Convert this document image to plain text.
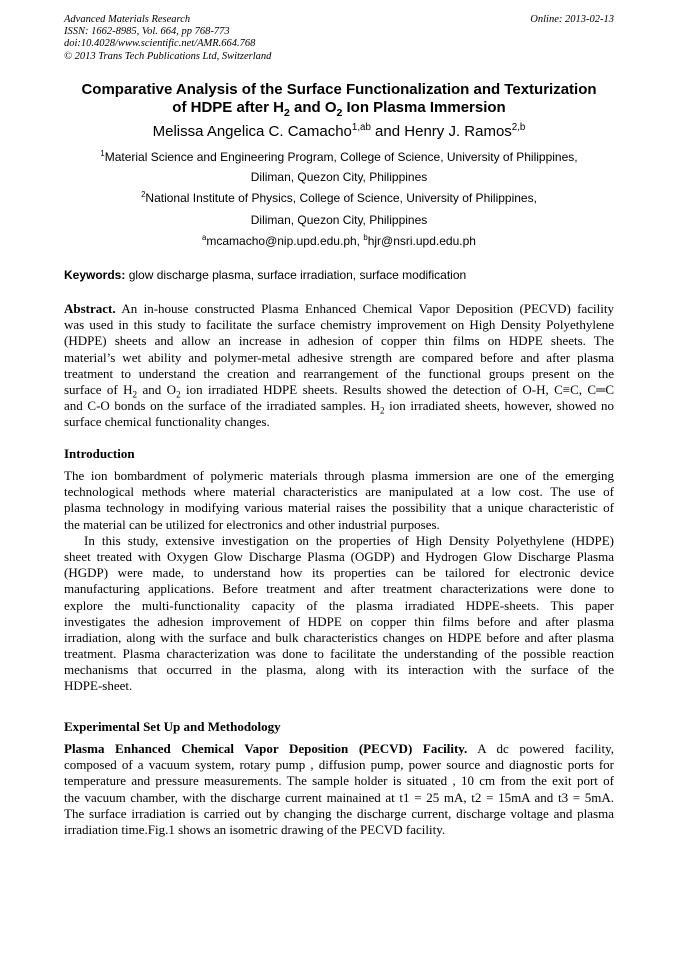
Advanced Materials Research
ISSN: 1662-8985, Vol. 664, pp 768-773
doi:10.4028/www.scientific.net/AMR.664.768
© 2013 Trans Tech Publications Ltd, Switzerland
Online: 2013-02-13
Comparative Analysis of the Surface Functionalization and Texturization
of HDPE after $H_2$ and $O_2$ Ion Plasma Immersion
Melissa Angelica C. Camacho$^{1,ab}$ and Henry J. Ramos$^{2,b}$
$^1$Material Science and Engineering Program, College of Science, University of Philippines,
Diliman, Quezon City, Philippines
$^2$National Institute of Physics, College of Science, University of Philippines,
Diliman, Quezon City, Philippines
$^a$mcamacho@nip.upd.edu.ph, $^b$hjr@nsri.upd.edu.ph
Keywords: glow discharge plasma, surface irradiation, surface modification
Abstract. An in-house constructed Plasma Enhanced Chemical Vapor Deposition (PECVD) facility
was used in this study to facilitate the surface chemistry improvement on High Density Polyethylene
(HDPE) sheets and allow an increase in adhesion of copper thin films on HDPE sheets. The
material’s wet ability and polymer-metal adhesive strength are compared before and after plasma
treatment to understand the creation and rearrangement of the functional groups present on the
surface of $H_2$ and $O_2$ ion irradiated HDPE sheets. Results showed the detection of O-H, C≡C, C═C
and C-O bonds on the surface of the irradiated samples. $H_2$ ion irradiated sheets, however, showed no
surface chemical functionality changes.
Introduction
The ion bombardment of polymeric materials through plasma immersion are one of the emerging
technological methods where material characteristics are manipulated at a low cost. The use of
plasma technology in modifying various material raises the possibility that a unique characteristic of
the material can be utilized for electronics and other industrial purposes.
In this study, extensive investigation on the properties of High Density Polyethylene (HDPE)
sheet treated with Oxygen Glow Discharge Plasma (OGDP) and Hydrogen Glow Discharge Plasma
(HGDP) were made, to understand how its properties can be tailored for electronic device
manufacturing applications. Before treatment and after treatment characterizations were done to
explore the multi-functionality capacity of the plasma irradiated HDPE-sheets. This paper
investigates the adhesion improvement of HDPE on copper thin films before and after plasma
irradiation, along with the surface and bulk characteristics changes on HDPE before and after plasma
treatment. Plasma characterization was done to facilitate the understanding of the possible reaction
mechanisms that occurred in the plasma, along with its interaction with the surface of the
HDPE-sheet.
Experimental Set Up and Methodology
Plasma Enhanced Chemical Vapor Deposition (PECVD) Facility. A dc powered facility,
composed of a vacuum system, rotary pump , diffusion pump, power source and diagnostic ports for
temperature and pressure measurements. The sample holder is situated , 10 cm from the exit port of
the vacuum chamber, with the discharge current mainained at t1 = 25 mA, t2 = 15mA and t3 = 5mA.
The surface irradiation is carried out by changing the discharge current, discharge voltage and plasma
irradiation time.Fig.1 shows an isometric drawing of the PECVD facility.
